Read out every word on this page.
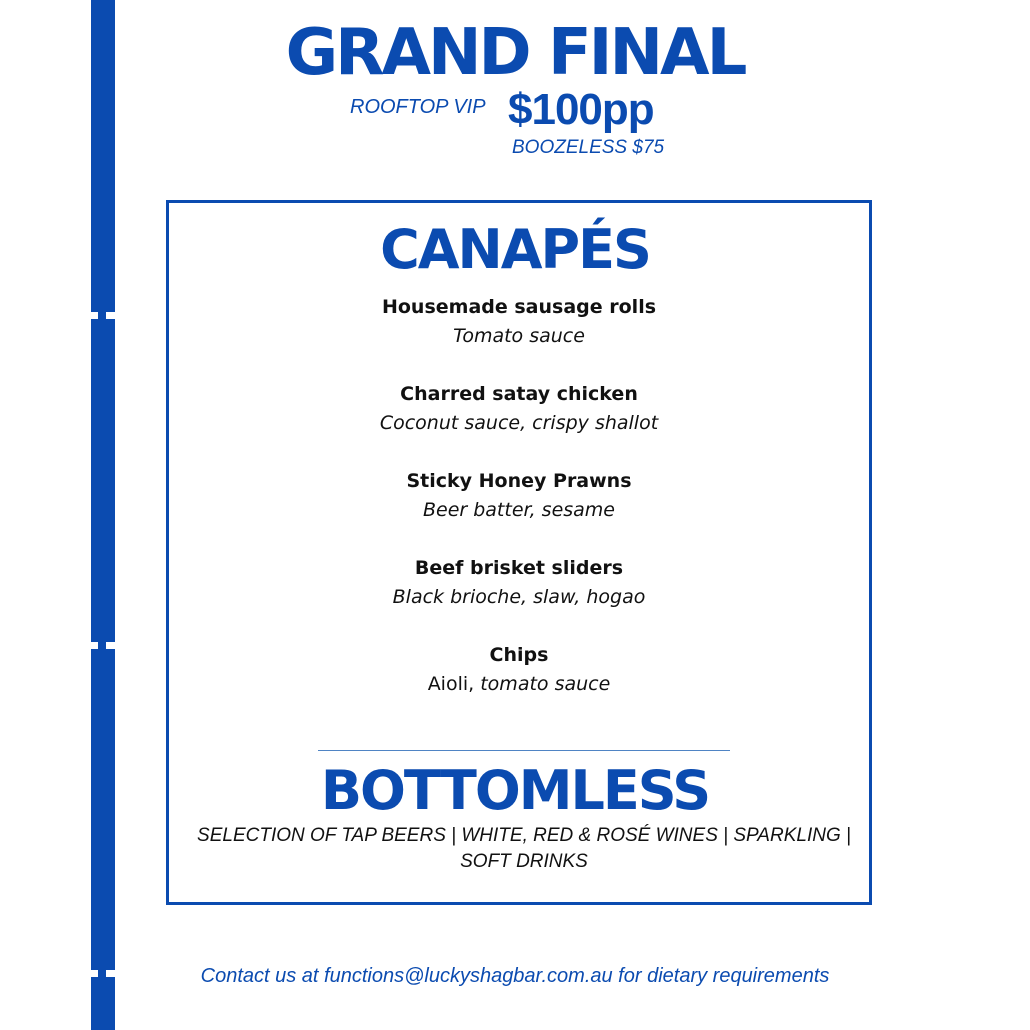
GRAND FINAL
ROOFTOP VIP $100pp
BOOZELESS $75
CANAPÉS
Housemade sausage rolls
Tomato sauce
Charred satay chicken
Coconut sauce, crispy shallot
Sticky Honey Prawns
Beer batter, sesame
Beef brisket sliders
Black brioche, slaw, hogao
Chips
Aioli, tomato sauce
BOTTOMLESS
SELECTION OF TAP BEERS | WHITE, RED & ROSÉ WINES | SPARKLING | SOFT DRINKS
Contact us at functions@luckyshagbar.com.au for dietary requirements
